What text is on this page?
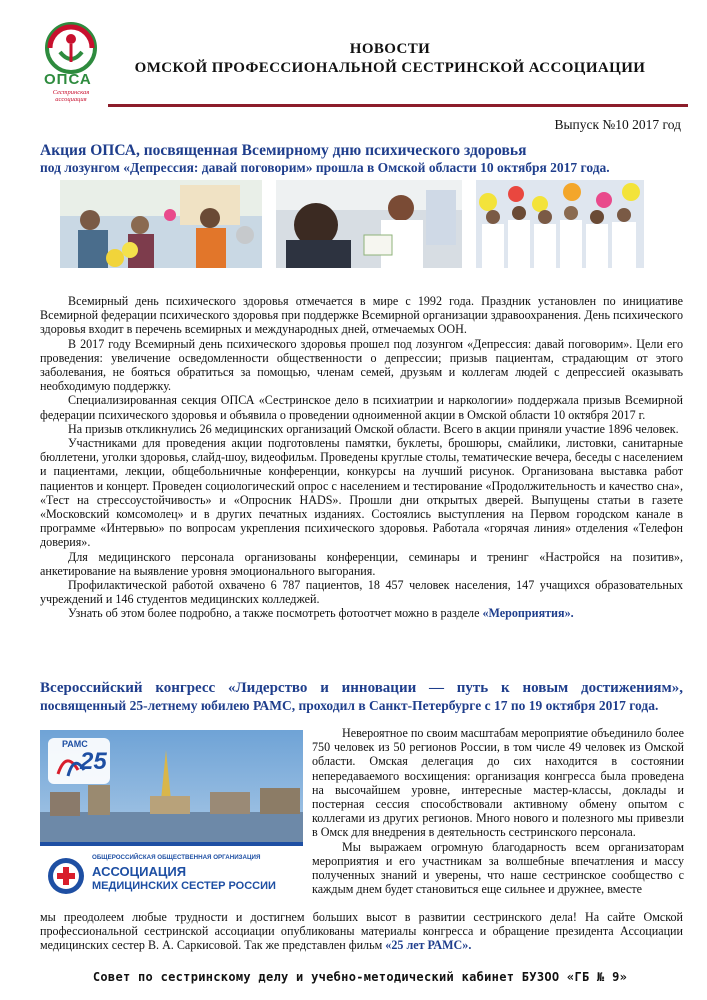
ОПСА
Сестринская ассоциация
НОВОСТИ
ОМСКОЙ ПРОФЕССИОНАЛЬНОЙ СЕСТРИНСКОЙ АССОЦИАЦИИ
Выпуск №10 2017 год
Акция ОПСА, посвященная Всемирному дню психического здоровья
под лозунгом «Депрессия: давай поговорим» прошла в Омской области 10 октября 2017 года.

Всемирный день психического здоровья отмечается в мире с 1992 года. Праздник установлен по инициативе Всемирной федерации психического здоровья при поддержке Всемирной организации здравоохранения. День психического здоровья входит в перечень всемирных и международных дней, отмечаемых ООН.

В 2017 году Всемирный день психического здоровья прошел под лозунгом «Депрессия: давай поговорим». Цели его проведения: увеличение осведомленности общественности о депрессии; призыв пациентам, страдающим от этого заболевания, не бояться обратиться за помощью, членам семей, друзьям и коллегам людей с депрессией оказывать необходимую поддержку.

Специализированная секция ОПСА «Сестринское дело в психиатрии и наркологии» поддержала призыв Всемирной федерации психического здоровья и объявила о проведении одноименной акции в Омской области 10 октября 2017 г.

На призыв откликнулись 26 медицинских организаций Омской области. Всего в акции приняли участие 1896 человек.

Участниками для проведения акции подготовлены памятки, буклеты, брошюры, смайлики, листовки, санитарные бюллетени, уголки здоровья, слайд-шоу, видеофильм. Проведены круглые столы, тематические вечера, беседы с населением и пациентами, лекции, общебольничные конференции, конкурсы на лучший рисунок. Организована выставка работ пациентов и концерт. Проведен социологический опрос с населением и тестирование «Продолжительность и качество сна», «Тест на стрессоустойчивость» и «Опросник HADS». Прошли дни открытых дверей. Выпущены статьи в газете «Московский комсомолец» и в других печатных изданиях. Состоялись выступления на Первом городском канале в программе «Интервью» по вопросам укрепления психического здоровья. Работала «горячая линия» отделения «Телефон доверия».

Для медицинского персонала организованы конференции, семинары и тренинг «Настройся на позитив», анкетирование на выявление уровня эмоционального выгорания.

Профилактической работой охвачено 6 787 пациентов, 18 457 человек населения, 147 учащихся образовательных учреждений и 146 студентов медицинских колледжей.

Узнать об этом более подробно, а также посмотреть фотоотчет можно в разделе «Мероприятия».

Всероссийский конгресс «Лидерство и инновации — путь к новым достижениям», посвященный 25-летнему юбилею РАМС, проходил в Санкт-Петербурге с 17 по 19 октября 2017 года.
РАМС
25
ОБЩЕРОССИЙСКАЯ ОБЩЕСТВЕННАЯ ОРГАНИЗАЦИЯ
АССОЦИАЦИЯ
МЕДИЦИНСКИХ СЕСТЕР РОССИИ

Невероятное по своим масштабам мероприятие объединило более 750 человек из 50 регионов России, в том числе 49 человек из Омской области. Омская делегация до сих находится в состоянии непередаваемого восхищения: организация конгресса была проведена на высочайшем уровне, интересные мастер-классы, доклады и постерная сессия способствовали активному обмену опытом с коллегами из других регионов. Много нового и полезного мы привезли в Омск для внедрения в деятельность сестринского персонала.

Мы выражаем огромную благодарность всем организаторам мероприятия и его участникам за волшебные впечатления и массу полученных знаний и уверены, что наше сестринское сообщество с каждым днем будет становиться еще сильнее и дружнее, вместе

мы преодолеем любые трудности и достигнем больших высот в развитии сестринского дела! На сайте Омской профессиональной сестринской ассоциации опубликованы материалы конгресса и обращение президента Ассоциации медицинских сестер В. А. Саркисовой. Так же представлен фильм «25 лет РАМС».
Совет по сестринскому делу и учебно-методический кабинет БУЗОО «ГБ № 9»
